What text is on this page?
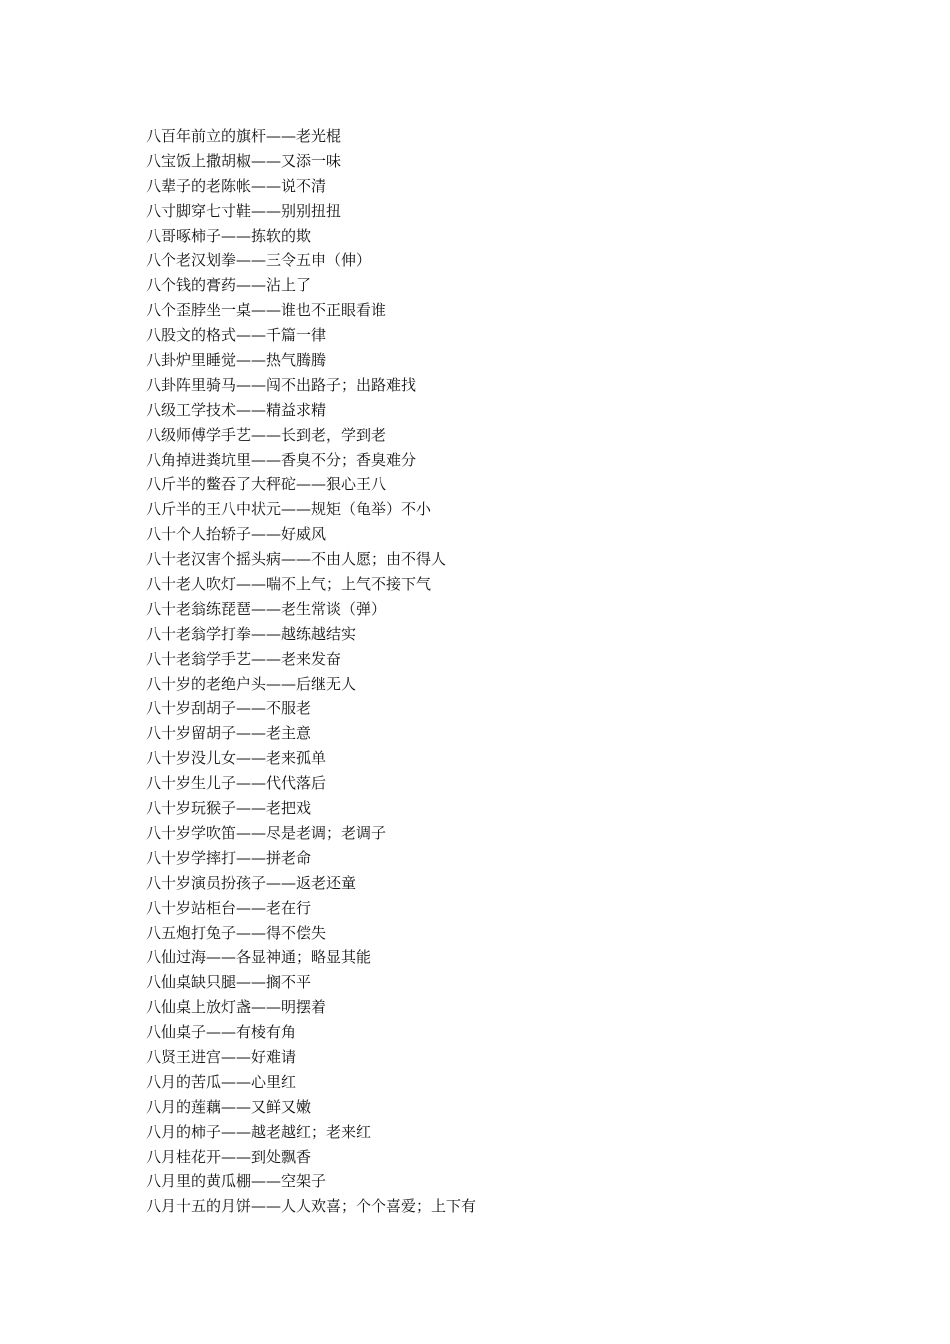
八百年前立的旗杆——老光棍
八宝饭上撒胡椒——又添一味
八辈子的老陈帐——说不清
八寸脚穿七寸鞋——别别扭扭
八哥啄柿子——拣软的欺
八个老汉划拳——三令五申（伸）
八个钱的膏药——沾上了
八个歪脖坐一桌——谁也不正眼看谁
八股文的格式——千篇一律
八卦炉里睡觉——热气腾腾
八卦阵里骑马——闯不出路子；出路难找
八级工学技术——精益求精
八级师傅学手艺——长到老，学到老
八角掉进粪坑里——香臭不分；香臭难分
八斤半的鳖吞了大秤砣——狠心王八
八斤半的王八中状元——规矩（龟举）不小
八十个人抬轿子——好威风
八十老汉害个摇头病——不由人愿；由不得人
八十老人吹灯——喘不上气；上气不接下气
八十老翁练琵琶——老生常谈（弹）
八十老翁学打拳——越练越结实
八十老翁学手艺——老来发奋
八十岁的老绝户头——后继无人
八十岁刮胡子——不服老
八十岁留胡子——老主意
八十岁没儿女——老来孤单
八十岁生儿子——代代落后
八十岁玩猴子——老把戏
八十岁学吹笛——尽是老调；老调子
八十岁学摔打——拼老命
八十岁演员扮孩子——返老还童
八十岁站柜台——老在行
八五炮打兔子——得不偿失
八仙过海——各显神通；略显其能
八仙桌缺只腿——搁不平
八仙桌上放灯盏——明摆着
八仙桌子——有棱有角
八贤王进宫——好难请
八月的苦瓜——心里红
八月的莲藕——又鲜又嫩
八月的柿子——越老越红；老来红
八月桂花开——到处飘香
八月里的黄瓜棚——空架子
八月十五的月饼——人人欢喜；个个喜爱；上下有
